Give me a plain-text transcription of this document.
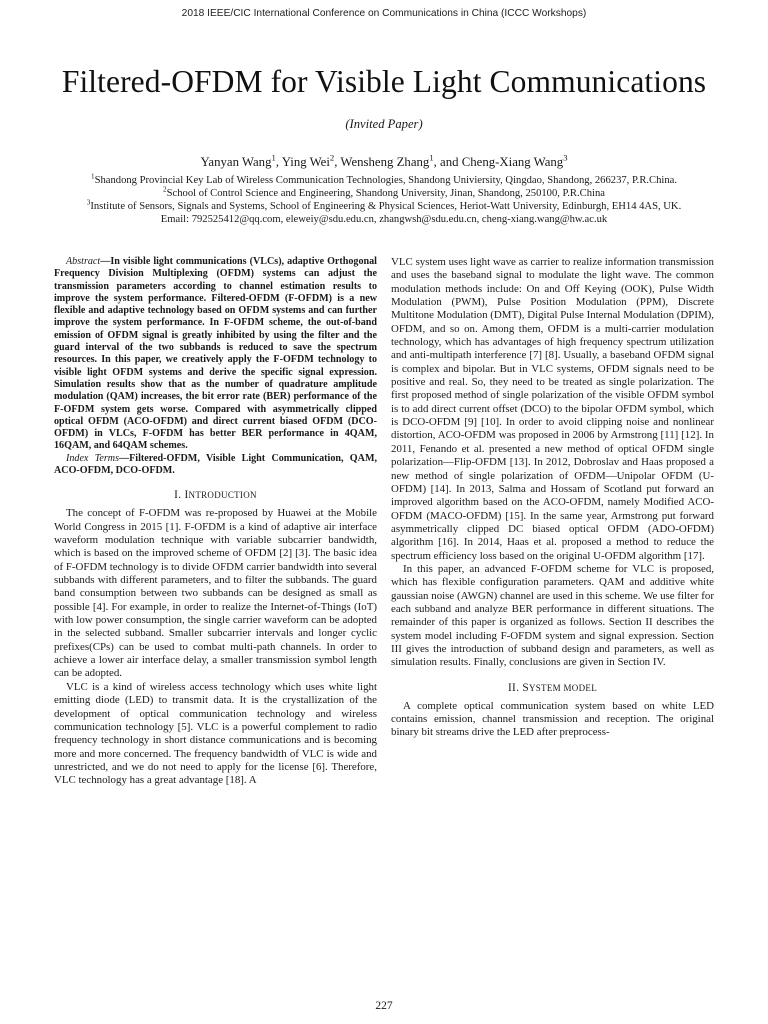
2018 IEEE/CIC International Conference on Communications in China (ICCC Workshops)
Filtered-OFDM for Visible Light Communications
(Invited Paper)
Yanyan Wang$^1$, Ying Wei$^2$, Wensheng Zhang$^1$, and Cheng-Xiang Wang$^3$
$^1$Shandong Provincial Key Lab of Wireless Communication Technologies, Shandong Univiersity, Qingdao, Shandong, 266237, P.R.China.
$^2$School of Control Science and Engineering, Shandong University, Jinan, Shandong, 250100, P.R.China
$^3$Institute of Sensors, Signals and Systems, School of Engineering & Physical Sciences, Heriot-Watt University, Edinburgh, EH14 4AS, UK.
Email: 792525412@qq.com, eleweiy@sdu.edu.cn, zhangwsh@sdu.edu.cn, cheng-xiang.wang@hw.ac.uk

Abstract—In visible light communications (VLCs), adaptive Orthogonal Frequency Division Multiplexing (OFDM) systems can adjust the transmission parameters according to channel estimation results to improve the system performance. Filtered-OFDM (F-OFDM) is a new flexible and adaptive technology based on OFDM systems and can further improve the system performance. In F-OFDM scheme, the out-of-band emission of OFDM signal is greatly inhibited by using the filter and the guard interval of the two subbands is reduced to save the spectrum resources. In this paper, we creatively apply the F-OFDM technology to visible light OFDM systems and derive the specific signal expression. Simulation results show that as the number of quadrature amplitude modulation (QAM) increases, the bit error rate (BER) performance of the F-OFDM system gets worse. Compared with asymmetrically clipped optical OFDM (ACO-OFDM) and direct current biased OFDM (DCO-OFDM) in VLCs, F-OFDM has better BER performance in 4QAM, 16QAM, and 64QAM schemes.

Index Terms—Filtered-OFDM, Visible Light Communication, QAM, ACO-OFDM, DCO-OFDM.

I. INTRODUCTION

The concept of F-OFDM was re-proposed by Huawei at the Mobile World Congress in 2015 [1]. F-OFDM is a kind of adaptive air interface waveform modulation technique with variable subcarrier bandwidth, which is based on the improved scheme of OFDM [2] [3]. The basic idea of F-OFDM technology is to divide OFDM carrier bandwidth into several subbands with different parameters, and to filter the subbands. The guard band consumption between two subbands can be designed as small as possible [4]. For example, in order to realize the Internet-of-Things (IoT) with low power consumption, the single carrier waveform can be adopted in the selected subband. Smaller subcarrier intervals and longer cyclic prefixes(CPs) can be used to combat multi-path channels. In order to achieve a lower air interface delay, a smaller transmission symbol length can be adopted.

VLC is a kind of wireless access technology which uses white light emitting diode (LED) to transmit data. It is the crystallization of the development of optical communication technology and wireless communication technology [5]. VLC is a powerful complement to radio frequency technology in short distance communications and is becoming more and more concerned. The frequency bandwidth of VLC is wide and unrestricted, and we do not need to apply for the license [6]. Therefore, VLC technology has a great advantage [18]. A

VLC system uses light wave as carrier to realize information transmission and uses the baseband signal to modulate the light wave. The common modulation methods include: On and Off Keying (OOK), Pulse Width Modulation (PWM), Pulse Position Modulation (PPM), Discrete Multitone Modulation (DMT), Digital Pulse Internal Modulation (DPIM), OFDM, and so on. Among them, OFDM is a multi-carrier modulation technology, which has advantages of high frequency spectrum utilization and anti-multipath interference [7] [8]. Usually, a baseband OFDM signal is complex and bipolar. But in VLC systems, OFDM signals need to be positive and real. So, they need to be treated as single polarization. The first proposed method of single polarization of the visible OFDM symbol is to add direct current offset (DCO) to the bipolar OFDM symbol, which is DCO-OFDM [9] [10]. In order to avoid clipping noise and nonlinear distortion, ACO-OFDM was proposed in 2006 by Armstrong [11] [12]. In 2011, Fenando et al. presented a new method of optical OFDM single polarization—Flip-OFDM [13]. In 2012, Dobroslav and Haas proposed a new method of single polarization of OFDM—Unipolar OFDM (U-OFDM) [14]. In 2013, Salma and Hossam of Scotland put forward an improved algorithm based on the ACO-OFDM, namely Modified ACO-OFDM (MACO-OFDM) [15]. In the same year, Armstrong put forward asymmetrically clipped DC biased optical OFDM (ADO-OFDM) algorithm [16]. In 2014, Haas et al. proposed a method to reduce the spectrum efficiency loss based on the original U-OFDM algorithm [17].

In this paper, an advanced F-OFDM scheme for VLC is proposed, which has flexible configuration parameters. QAM and additive white gaussian noise (AWGN) channel are used in this scheme. We use filter for each subband and analyze BER performance in different situations. The remainder of this paper is organized as follows. Section II describes the system model including F-OFDM system and signal expression. Section III gives the introduction of subband design and parameters, as well as simulation results. Finally, conclusions are given in Section IV.

II. SYSTEM MODEL

A complete optical communication system based on white LED contains emission, channel transmission and reception. The original binary bit streams drive the LED after preprocess-

227
